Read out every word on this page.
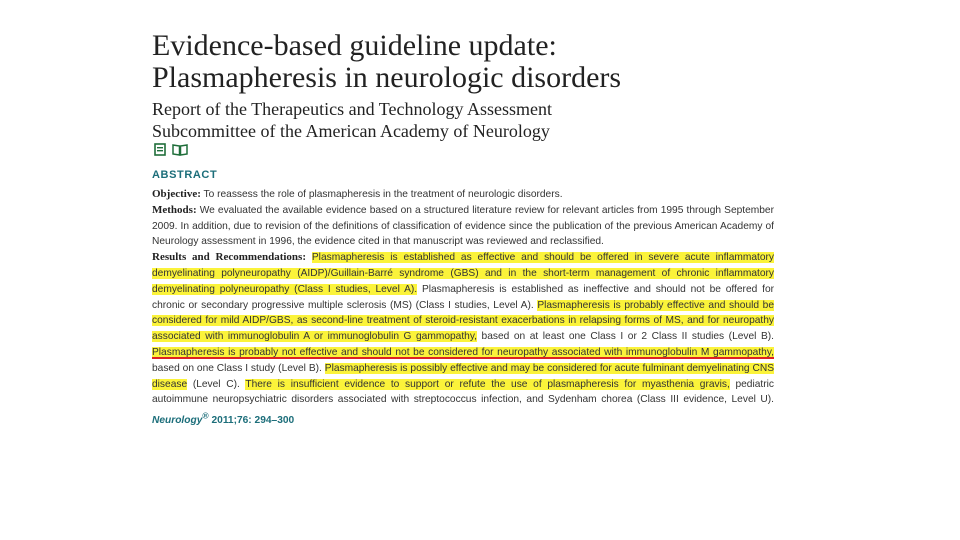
Evidence-based guideline update:
Plasmapheresis in neurologic disorders
Report of the Therapeutics and Technology Assessment
Subcommittee of the American Academy of Neurology
ABSTRACT

Objective: To reassess the role of plasmapheresis in the treatment of neurologic disorders.

Methods: We evaluated the available evidence based on a structured literature review for relevant articles from 1995 through September 2009. In addition, due to revision of the definitions of classification of evidence since the publication of the previous American Academy of Neurology assessment in 1996, the evidence cited in that manuscript was reviewed and reclassified.

Results and Recommendations: Plasmapheresis is established as effective and should be offered in severe acute inflammatory demyelinating polyneuropathy (AIDP)/Guillain-Barré syndrome (GBS) and in the short-term management of chronic inflammatory demyelinating polyneuropathy (Class I studies, Level A). Plasmapheresis is established as ineffective and should not be offered for chronic or secondary progressive multiple sclerosis (MS) (Class I studies, Level A). Plasmapheresis is probably effective and should be considered for mild AIDP/GBS, as second-line treatment of steroid-resistant exacerbations in relapsing forms of MS, and for neuropathy associated with immunoglobulin A or immunoglobulin G gammopathy, based on at least one Class I or 2 Class II studies (Level B). Plasmapheresis is probably not effective and should not be considered for neuropathy associated with immunoglobulin M gammopathy, based on one Class I study (Level B). Plasmapheresis is possibly effective and may be considered for acute fulminant demyelinating CNS disease (Level C). There is insufficient evidence to support or refute the use of plasmapheresis for myasthenia gravis, pediatric autoimmune neuropsychiatric disorders associated with streptococcus infection, and Sydenham chorea (Class III evidence, Level U). Neurology® 2011;76: 294–300
